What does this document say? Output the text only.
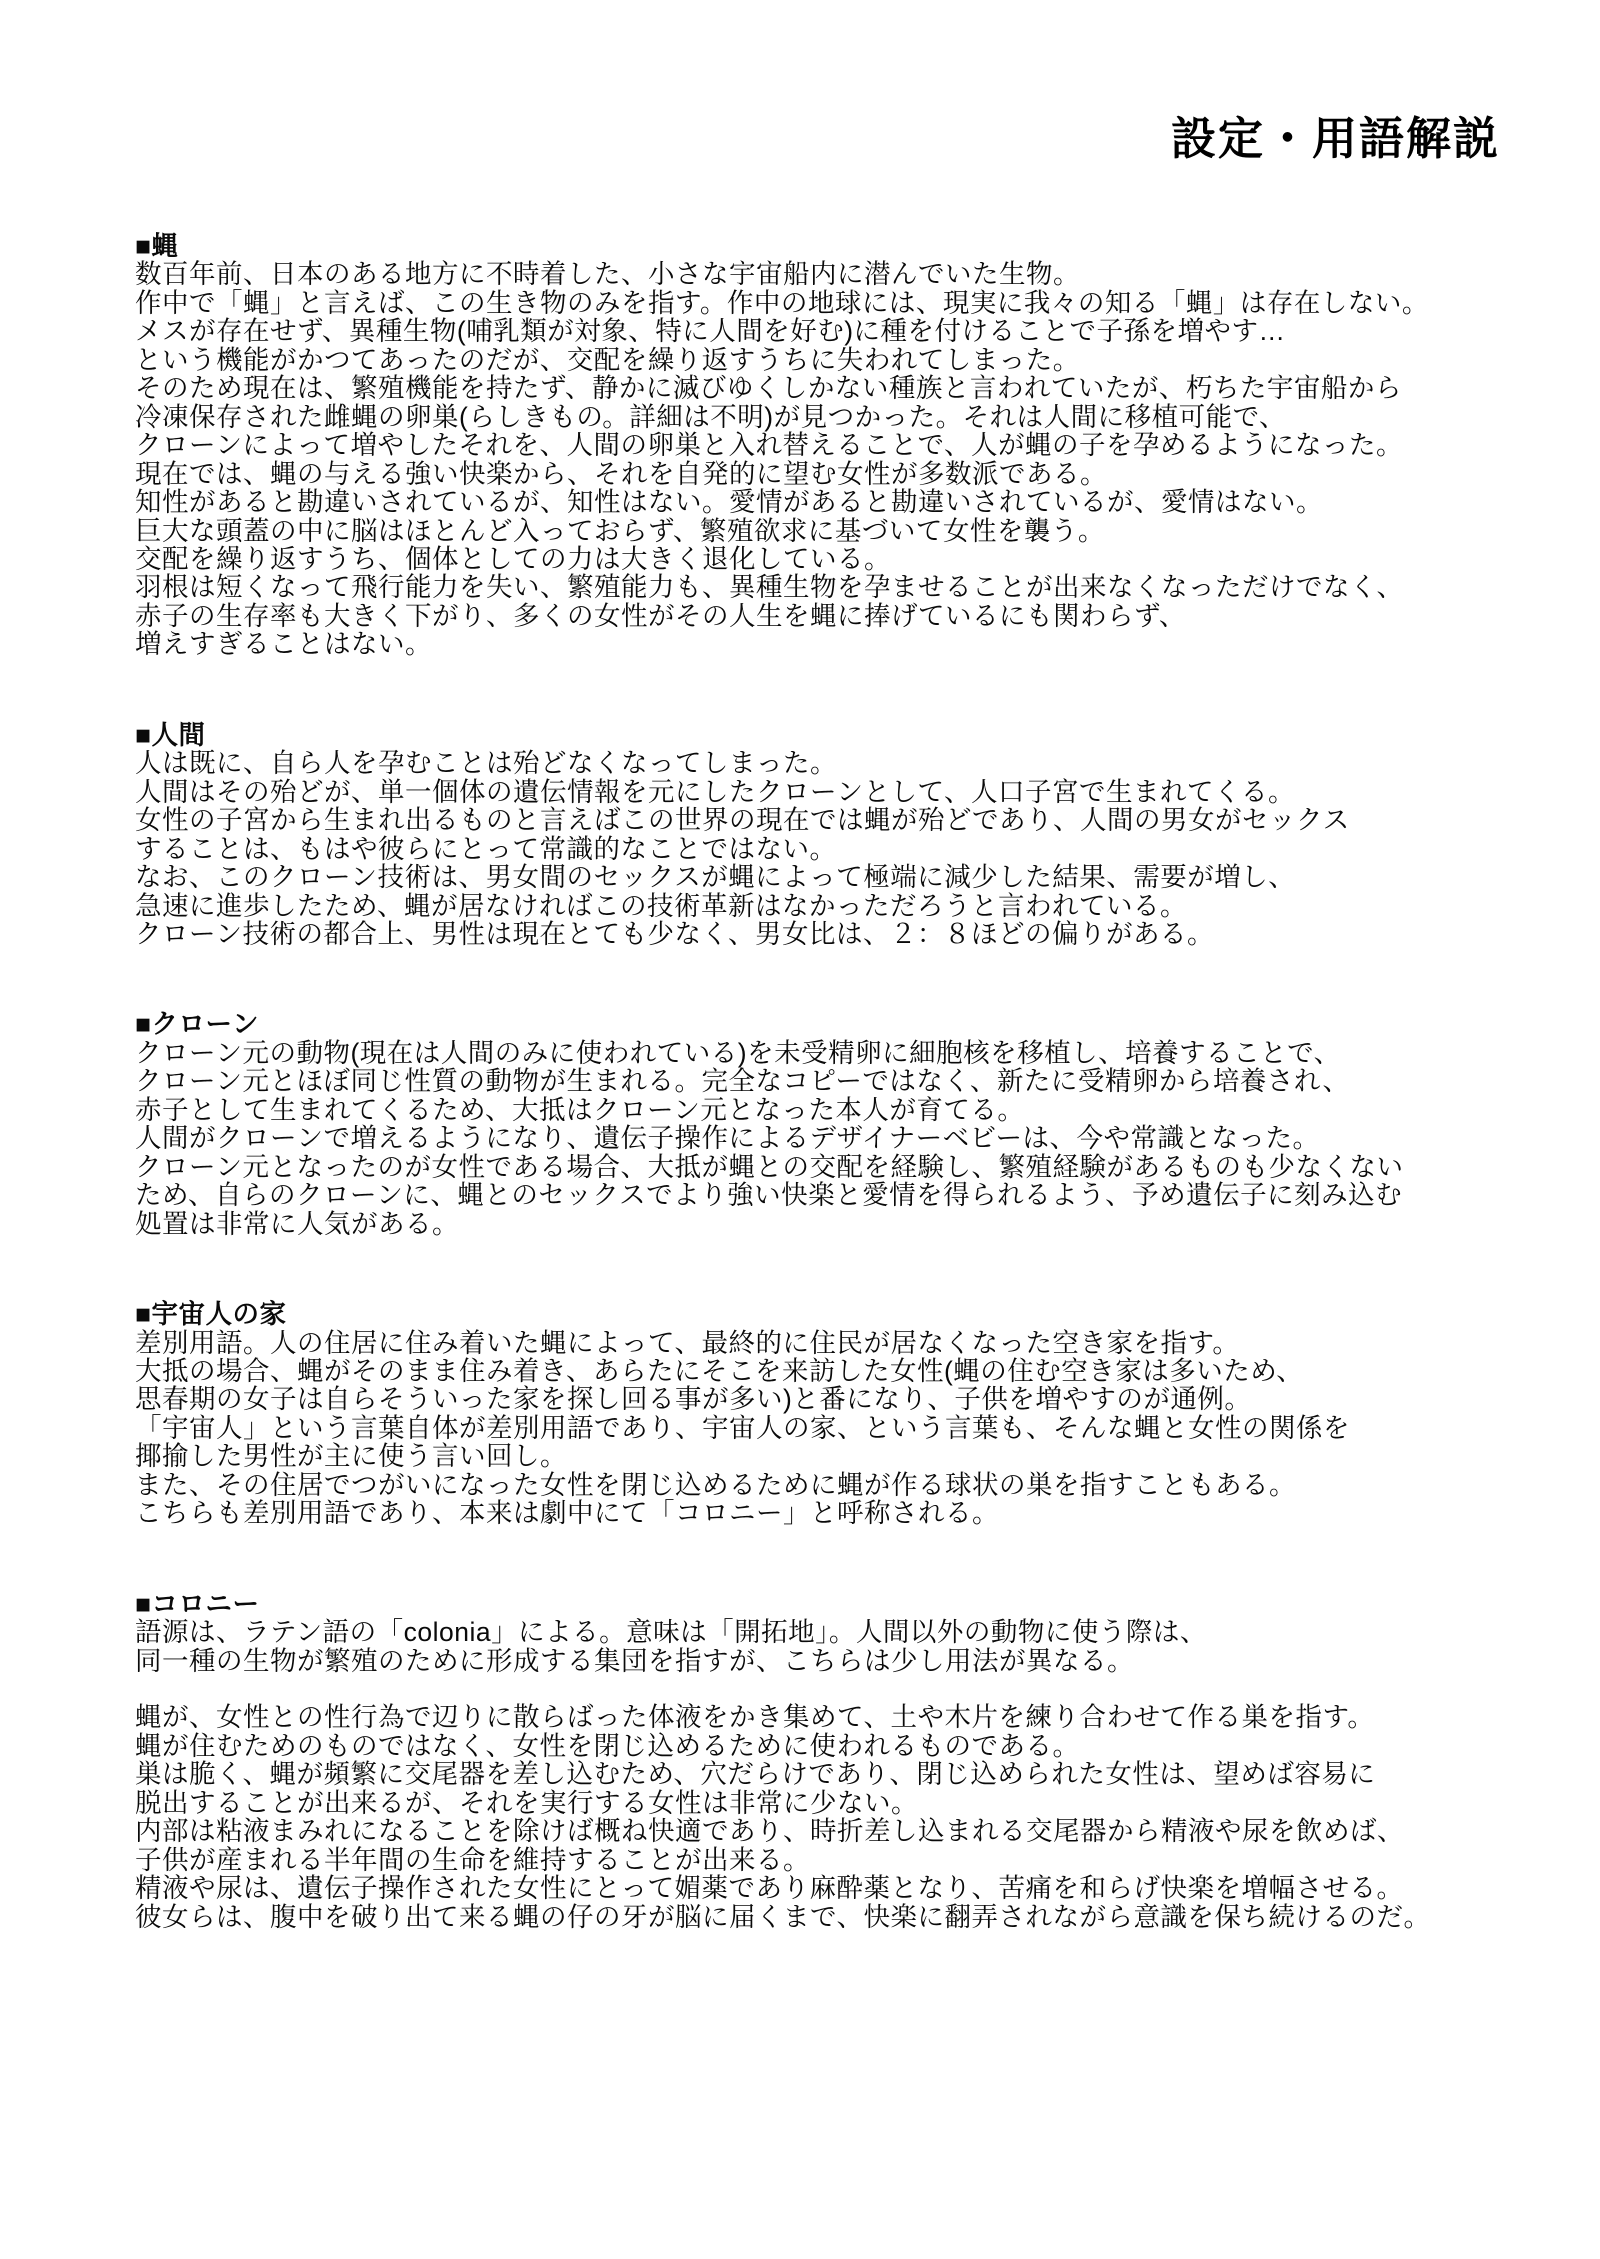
設定・用語解説
■蝿
数百年前、日本のある地方に不時着した、小さな宇宙船内に潜んでいた生物。
作中で「蝿」と言えば、この生き物のみを指す。作中の地球には、現実に我々の知る「蝿」は存在しない。
メスが存在せず、異種生物(哺乳類が対象、特に人間を好む)に種を付けることで子孫を増やす…
という機能がかつてあったのだが、交配を繰り返すうちに失われてしまった。
そのため現在は、繁殖機能を持たず、静かに滅びゆくしかない種族と言われていたが、朽ちた宇宙船から
冷凍保存された雌蝿の卵巣(らしきもの。詳細は不明)が見つかった。それは人間に移植可能で、
クローンによって増やしたそれを、人間の卵巣と入れ替えることで、人が蝿の子を孕めるようになった。
現在では、蝿の与える強い快楽から、それを自発的に望む女性が多数派である。
知性があると勘違いされているが、知性はない。愛情があると勘違いされているが、愛情はない。
巨大な頭蓋の中に脳はほとんど入っておらず、繁殖欲求に基づいて女性を襲う。
交配を繰り返すうち、個体としての力は大きく退化している。
羽根は短くなって飛行能力を失い、繁殖能力も、異種生物を孕ませることが出来なくなっただけでなく、
赤子の生存率も大きく下がり、多くの女性がその人生を蝿に捧げているにも関わらず、
増えすぎることはない。
■人間
人は既に、自ら人を孕むことは殆どなくなってしまった。
人間はその殆どが、単一個体の遺伝情報を元にしたクローンとして、人口子宮で生まれてくる。
女性の子宮から生まれ出るものと言えばこの世界の現在では蝿が殆どであり、人間の男女がセックス
することは、もはや彼らにとって常識的なことではない。
なお、このクローン技術は、男女間のセックスが蝿によって極端に減少した結果、需要が増し、
急速に進歩したため、蝿が居なければこの技術革新はなかっただろうと言われている。
クローン技術の都合上、男性は現在とても少なく、男女比は、２：８ほどの偏りがある。
■クローン
クローン元の動物(現在は人間のみに使われている)を未受精卵に細胞核を移植し、培養することで、
クローン元とほぼ同じ性質の動物が生まれる。完全なコピーではなく、新たに受精卵から培養され、
赤子として生まれてくるため、大抵はクローン元となった本人が育てる。
人間がクローンで増えるようになり、遺伝子操作によるデザイナーベビーは、今や常識となった。
クローン元となったのが女性である場合、大抵が蝿との交配を経験し、繁殖経験があるものも少なくない
ため、自らのクローンに、蝿とのセックスでより強い快楽と愛情を得られるよう、予め遺伝子に刻み込む
処置は非常に人気がある。
■宇宙人の家
差別用語。人の住居に住み着いた蝿によって、最終的に住民が居なくなった空き家を指す。
大抵の場合、蝿がそのまま住み着き、あらたにそこを来訪した女性(蝿の住む空き家は多いため、
思春期の女子は自らそういった家を探し回る事が多い)と番になり、子供を増やすのが通例。
「宇宙人」という言葉自体が差別用語であり、宇宙人の家、という言葉も、そんな蝿と女性の関係を
揶揄した男性が主に使う言い回し。
また、その住居でつがいになった女性を閉じ込めるために蝿が作る球状の巣を指すこともある。
こちらも差別用語であり、本来は劇中にて「コロニー」と呼称される。
■コロニー
語源は、ラテン語の「colonia」による。意味は「開拓地」。人間以外の動物に使う際は、
同一種の生物が繁殖のために形成する集団を指すが、こちらは少し用法が異なる。

蝿が、女性との性行為で辺りに散らばった体液をかき集めて、土や木片を練り合わせて作る巣を指す。
蝿が住むためのものではなく、女性を閉じ込めるために使われるものである。
巣は脆く、蝿が頻繁に交尾器を差し込むため、穴だらけであり、閉じ込められた女性は、望めば容易に
脱出することが出来るが、それを実行する女性は非常に少ない。
内部は粘液まみれになることを除けば概ね快適であり、時折差し込まれる交尾器から精液や尿を飲めば、
子供が産まれる半年間の生命を維持することが出来る。
精液や尿は、遺伝子操作された女性にとって媚薬であり麻酔薬となり、苦痛を和らげ快楽を増幅させる。
彼女らは、腹中を破り出て来る蝿の仔の牙が脳に届くまで、快楽に翻弄されながら意識を保ち続けるのだ。
